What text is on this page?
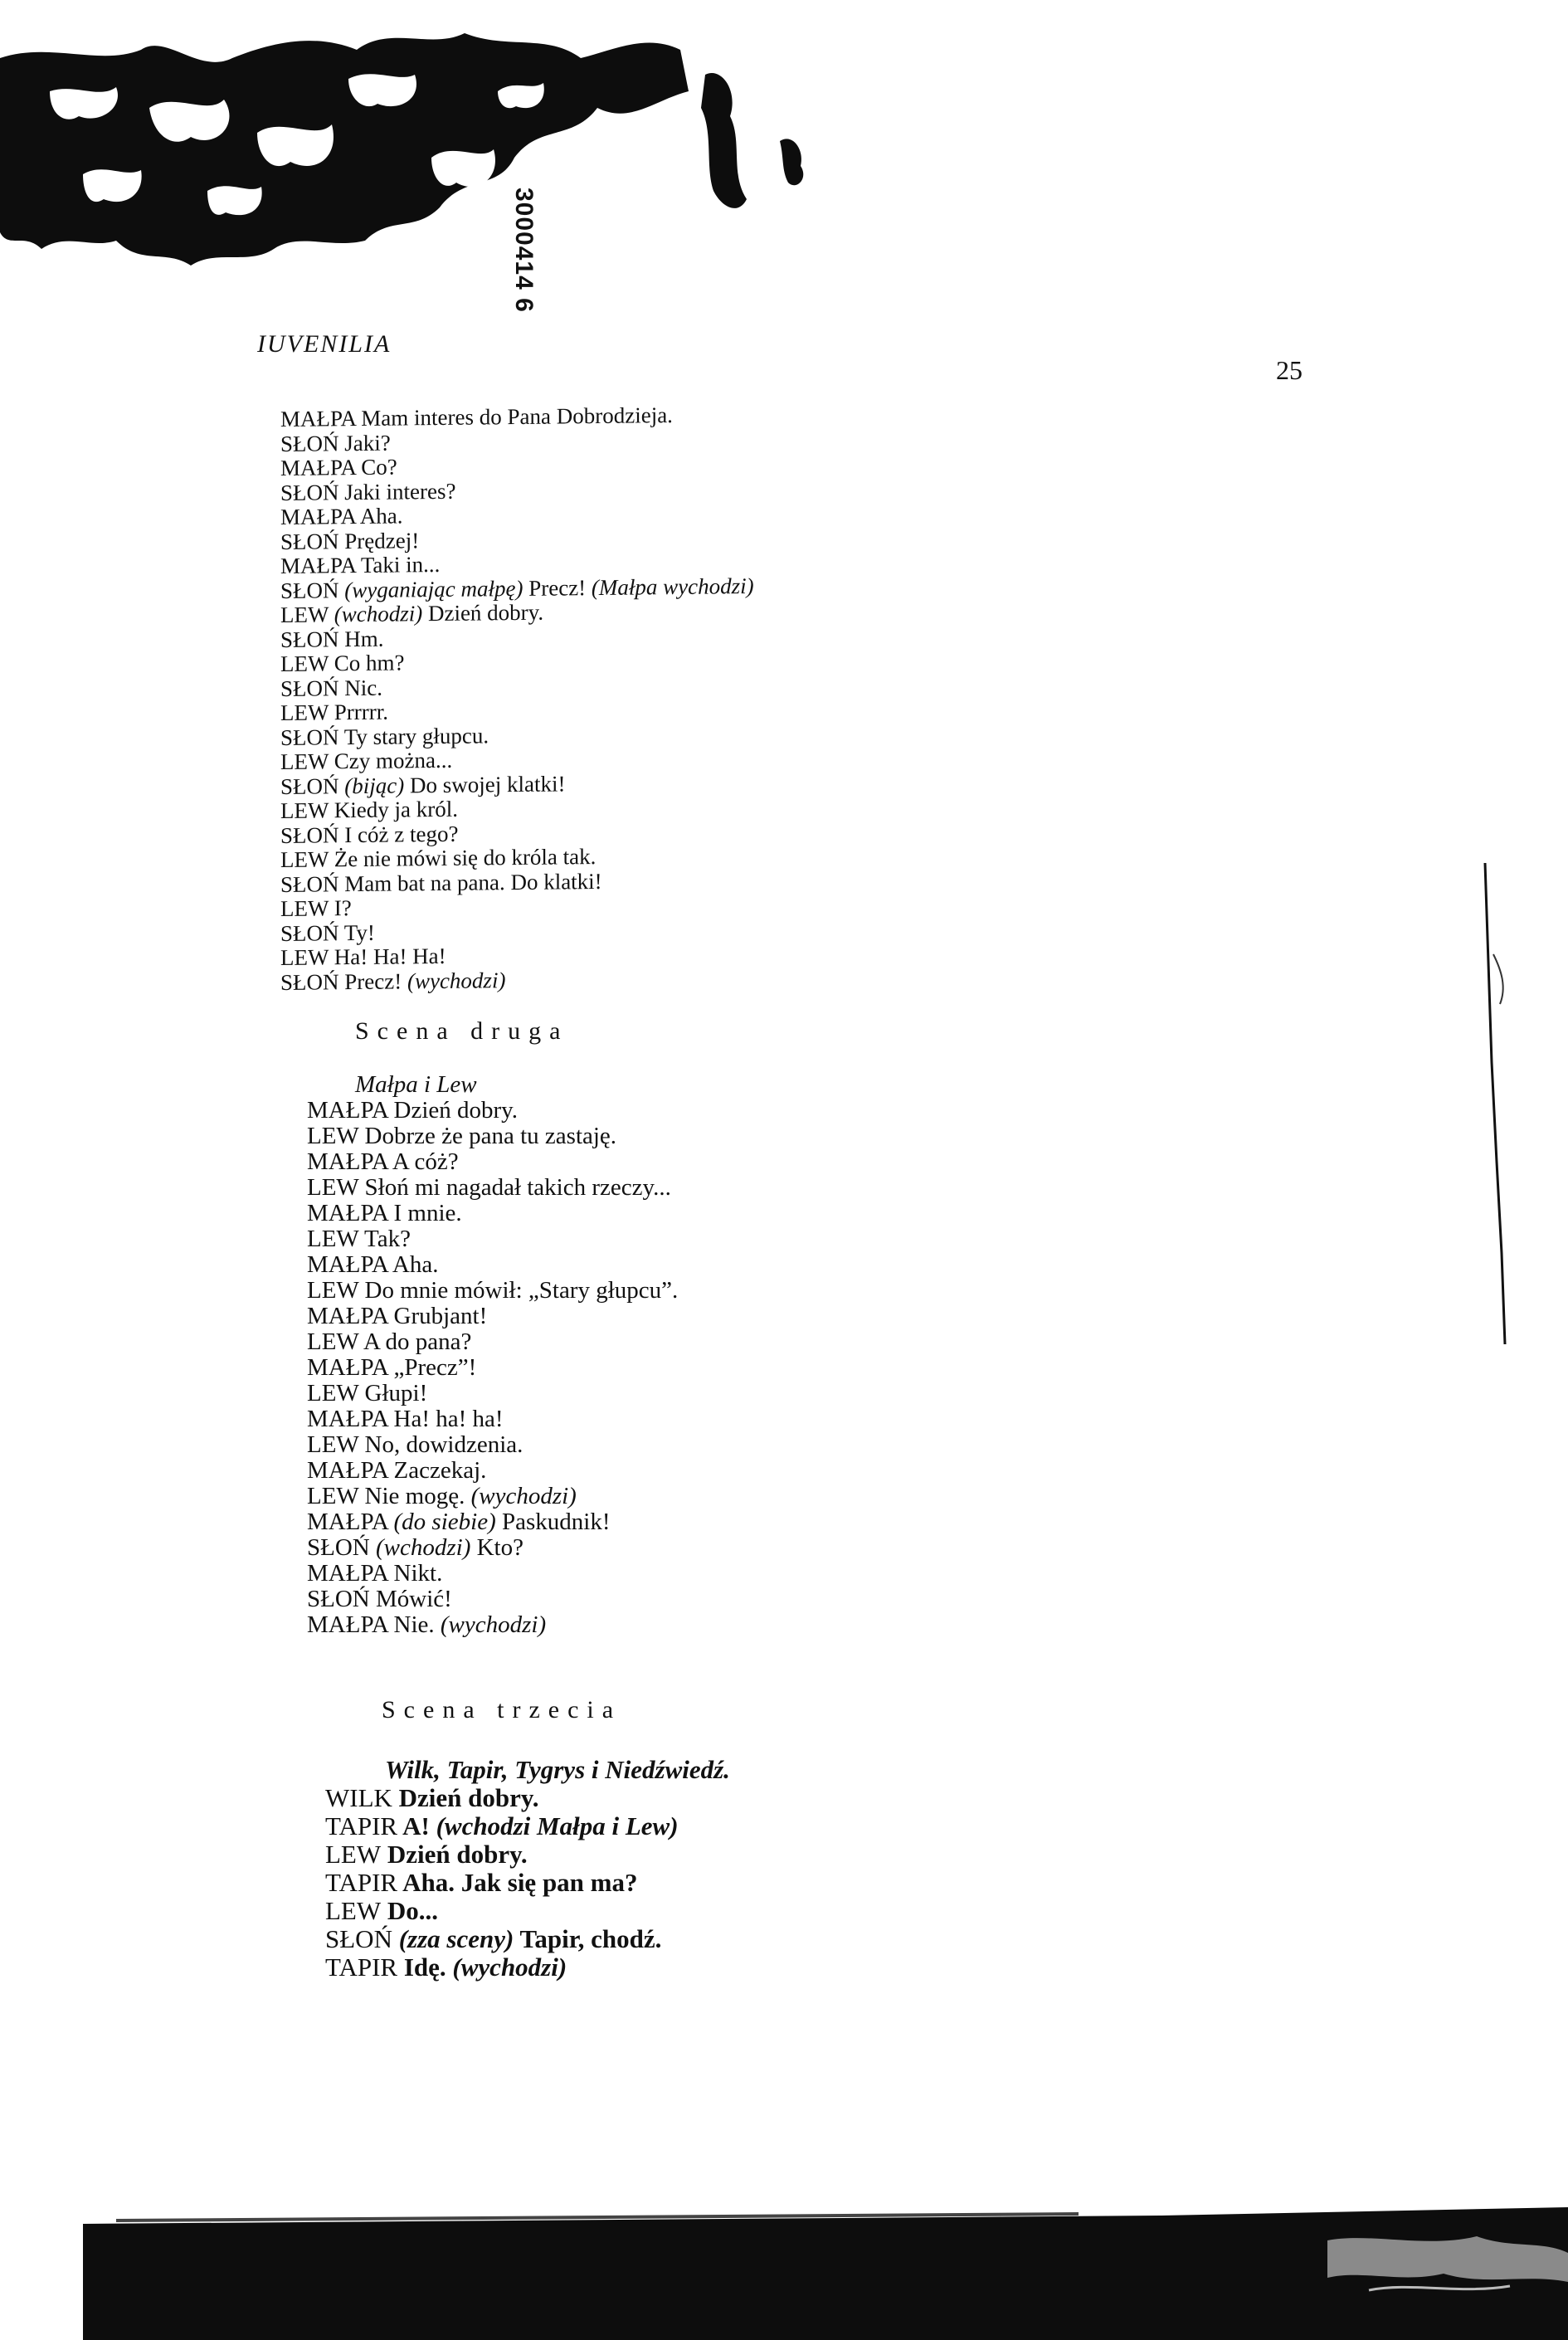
3000414 6
IUVENILIA
25
MAŁPA Mam interes do Pana Dobrodzieja.
SŁOŃ Jaki?
MAŁPA Co?
SŁOŃ Jaki interes?
MAŁPA Aha.
SŁOŃ Prędzej!
MAŁPA Taki in...
SŁOŃ (wyganiając małpę) Precz! (Małpa wychodzi)
LEW (wchodzi) Dzień dobry.
SŁOŃ Hm.
LEW Co hm?
SŁOŃ Nic.
LEW Prrrrr.
SŁOŃ Ty stary głupcu.
LEW Czy można...
SŁOŃ (bijąc) Do swojej klatki!
LEW Kiedy ja król.
SŁOŃ I cóż z tego?
LEW Że nie mówi się do króla tak.
SŁOŃ Mam bat na pana. Do klatki!
LEW I?
SŁOŃ Ty!
LEW Ha! Ha! Ha!
SŁOŃ Precz! (wychodzi)
Scena druga
Małpa i Lew
MAŁPA Dzień dobry.
LEW Dobrze że pana tu zastaję.
MAŁPA A cóż?
LEW Słoń mi nagadał takich rzeczy...
MAŁPA I mnie.
LEW Tak?
MAŁPA Aha.
LEW Do mnie mówił: „Stary głupcu”.
MAŁPA Grubjant!
LEW A do pana?
MAŁPA „Precz”!
LEW Głupi!
MAŁPA Ha! ha! ha!
LEW No, dowidzenia.
MAŁPA Zaczekaj.
LEW Nie mogę. (wychodzi)
MAŁPA (do siebie) Paskudnik!
SŁOŃ (wchodzi) Kto?
MAŁPA Nikt.
SŁOŃ Mówić!
MAŁPA Nie. (wychodzi)
Scena trzecia
Wilk, Tapir, Tygrys i Niedźwiedź.
WILK Dzień dobry.
TAPIR A! (wchodzi Małpa i Lew)
LEW Dzień dobry.
TAPIR Aha. Jak się pan ma?
LEW Do...
SŁOŃ (zza sceny) Tapir, chodź.
TAPIR Idę. (wychodzi)
